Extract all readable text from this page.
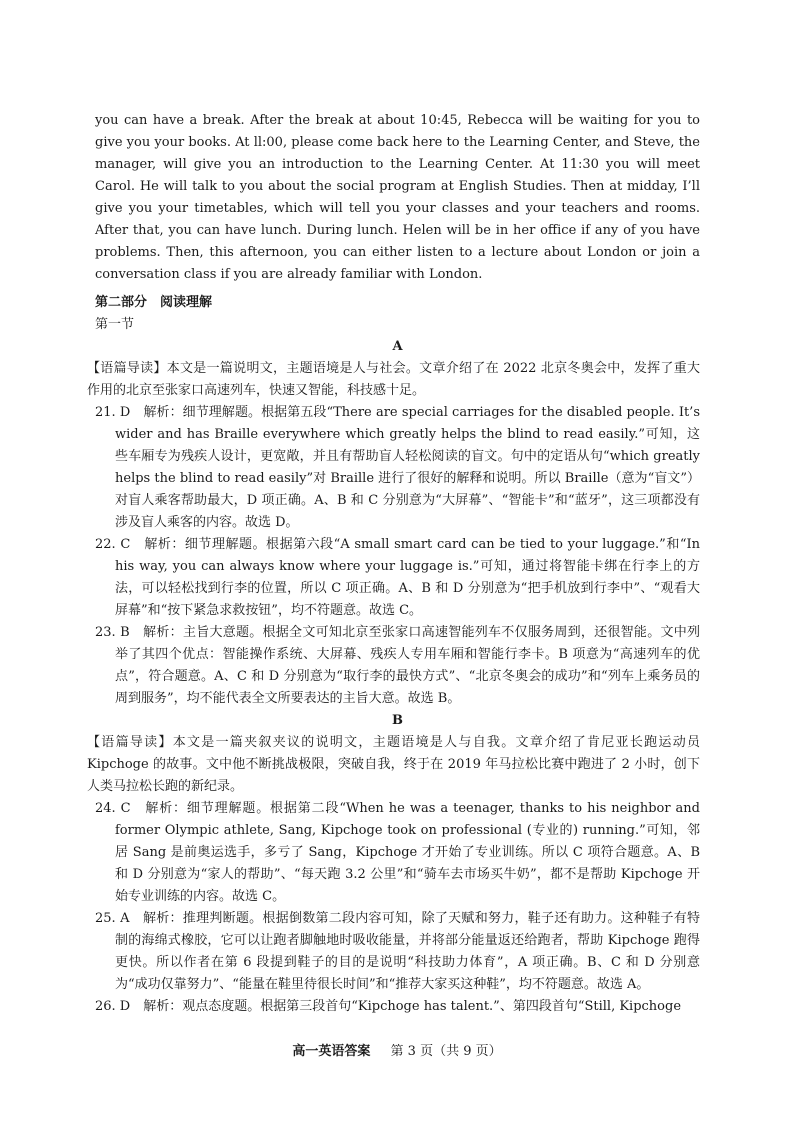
you can have a break. After the break at about 10:45, Rebecca will be waiting for you to give you your books. At ll:00, please come back here to the Learning Center, and Steve, the manager, will give you an introduction to the Learning Center. At 11:30 you will meet Carol. He will talk to you about the social program at English Studies. Then at midday, I’ll give you your timetables, which will tell you your classes and your teachers and rooms. After that, you can have lunch. During lunch. Helen will be in her office if any of you have problems. Then, this afternoon, you can either listen to a lecture about London or join a conversation class if you are already familiar with London.

第二部分　阅读理解

第一节

A

【语篇导读】本文是一篇说明文，主题语境是人与社会。文章介绍了在 2022 北京冬奥会中，发挥了重大作用的北京至张家口高速列车，快速又智能，科技感十足。

21. D　解析：细节理解题。根据第五段“There are special carriages for the disabled people. It’s wider and has Braille everywhere which greatly helps the blind to read easily.”可知，这些车厢专为残疾人设计，更宽敞，并且有帮助盲人轻松阅读的盲文。句中的定语从句“which greatly helps the blind to read easily”对 Braille 进行了很好的解释和说明。所以 Braille（意为“盲文”）对盲人乘客帮助最大，D 项正确。A、B 和 C 分别意为“大屏幕”、“智能卡”和“蓝牙”，这三项都没有涉及盲人乘客的内容。故选 D。

22. C　解析：细节理解题。根据第六段“A small smart card can be tied to your luggage.”和“In his way, you can always know where your luggage is.”可知，通过将智能卡绑在行李上的方法，可以轻松找到行李的位置，所以 C 项正确。A、B 和 D 分别意为“把手机放到行李中”、“观看大屏幕”和“按下紧急求救按钮”，均不符题意。故选 C。

23. B　解析：主旨大意题。根据全文可知北京至张家口高速智能列车不仅服务周到，还很智能。文中列举了其四个优点：智能操作系统、大屏幕、残疾人专用车厢和智能行李卡。B 项意为“高速列车的优点”，符合题意。A、C 和 D 分别意为“取行李的最快方式”、“北京冬奥会的成功”和“列车上乘务员的周到服务”，均不能代表全文所要表达的主旨大意。故选 B。

B

【语篇导读】本文是一篇夹叙夹议的说明文，主题语境是人与自我。文章介绍了肯尼亚长跑运动员 Kipchoge 的故事。文中他不断挑战极限，突破自我，终于在 2019 年马拉松比赛中跑进了 2 小时，创下人类马拉松长跑的新纪录。

24. C　解析：细节理解题。根据第二段“When he was a teenager, thanks to his neighbor and former Olympic athlete, Sang, Kipchoge took on professional (专业的) running.”可知，邻居 Sang 是前奥运选手，多亏了 Sang，Kipchoge 才开始了专业训练。所以 C 项符合题意。A、B 和 D 分别意为“家人的帮助”、“每天跑 3.2 公里”和“骑车去市场买牛奶”，都不是帮助 Kipchoge 开始专业训练的内容。故选 C。

25. A　解析：推理判断题。根据倒数第二段内容可知，除了天赋和努力，鞋子还有助力。这种鞋子有特制的海绵式橡胶，它可以让跑者脚触地时吸收能量，并将部分能量返还给跑者，帮助 Kipchoge 跑得更快。所以作者在第 6 段提到鞋子的目的是说明“科技助力体育”，A 项正确。B、C 和 D 分别意为“成功仅靠努力”、“能量在鞋里待很长时间”和“推荐大家买这种鞋”，均不符题意。故选 A。

26. D　解析：观点态度题。根据第三段首句“Kipchoge has talent.”、第四段首句“Still, Kipchoge

高一英语答案 第 3 页（共 9 页）
